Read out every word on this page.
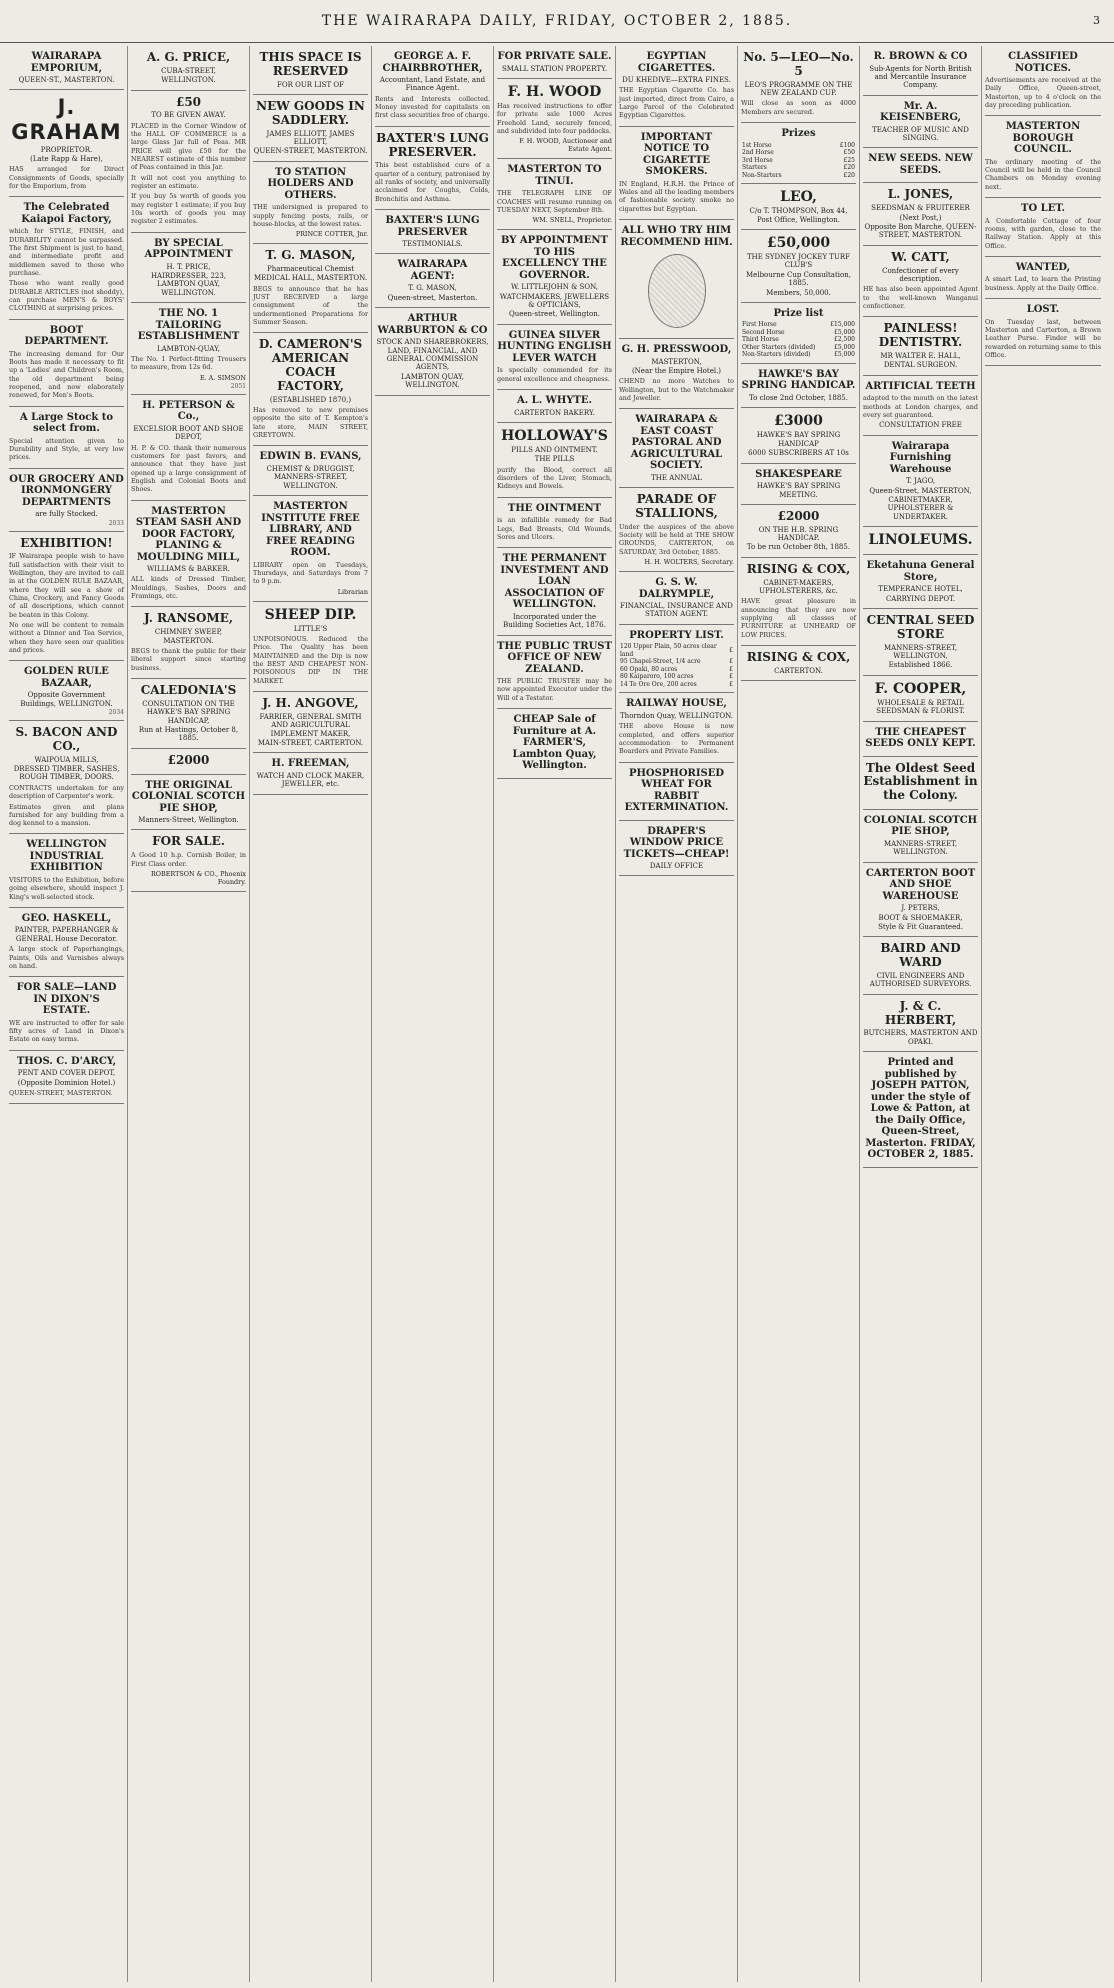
THE WAIRARAPA DAILY, FRIDAY, OCTOBER 2, 1885.	3
WAIRARAPA EMPORIUM,
QUEEN-ST., MASTERTON.
J. GRAHAM
PROPRIETOR.
(Late Rapp & Hare),

HAS arranged for Direct Consignments of Goods, specially for the Emporium, from

The Celebrated Kaiapoi Factory,

which for STYLE, FINISH, and DURABILITY cannot be surpassed. The first Shipment is just to hand, and intermediate profit and middlemen saved to those who purchase.

Those who want really good DURABLE ARTICLES (not shoddy), can purchase MEN'S & BOYS' CLOTHING at surprising prices.

BOOT DEPARTMENT.

The increasing demand for Our Boots has made it necessary to fit up a 'Ladies' and Children's Room, the old department being reopened, and now elaborately renewed, for Men's Boots.

A Large Stock to select from.

Special attention given to Durability and Style, at very low prices.

OUR GROCERY AND IRONMONGERY DEPARTMENTS
are fully Stocked.
2033
EXHIBITION!

IF Wairarapa people wish to have full satisfaction with their visit to Wellington, they are invited to call in at the GOLDEN RULE BAZAAR, where they will see a show of China, Crockery, and Fancy Goods of all descriptions, which cannot be beaten in this Colony.

No one will be content to remain without a Dinner and Tea Service, when they have seen our qualities and prices.

GOLDEN RULE BAZAAR,
Opposite Government Buildings, WELLINGTON.
2034
S. BACON AND CO.,
WAIPOUA MILLS,
DRESSED TIMBER, SASHES, ROUGH TIMBER, DOORS.

CONTRACTS undertaken for any description of Carpenter's work.

Estimates given and plans furnished for any building from a dog kennel to a mansion.

WELLINGTON INDUSTRIAL EXHIBITION

VISITORS to the Exhibition, before going elsewhere, should inspect J. King's well-selected stock.

GEO. HASKELL,
PAINTER, PAPERHANGER & GENERAL House Decorator.

A large stock of Paperhangings, Paints, Oils and Varnishes always on hand.

FOR SALE—LAND IN DIXON'S ESTATE.

WE are instructed to offer for sale fifty acres of Land in Dixon's Estate on easy terms.

THOS. C. D'ARCY,
PENT AND COVER DEPOT,
(Opposite Dominion Hotel.)

QUEEN-STREET, MASTERTON.

A. G. PRICE,
CUBA-STREET,
WELLINGTON.
£50
TO BE GIVEN AWAY.

PLACED in the Corner Window of the HALL OF COMMERCE is a large Glass Jar full of Peas. MR PRICE will give £50 for the NEAREST estimate of this number of Peas contained in this Jar.

It will not cost you anything to register an estimate.

If you buy 5s worth of goods you may register 1 estimate; if you buy 10s worth of goods you may register 2 estimates.

BY SPECIAL APPOINTMENT
H. T. PRICE,
HAIRDRESSER, 223, LAMBTON QUAY, WELLINGTON.
THE NO. 1 TAILORING ESTABLISHMENT
LAMBTON-QUAY,

The No. 1 Perfect-fitting Trousers to measure, from 12s 6d.

E. A. SIMSON
2051
H. PETERSON & Co.,
EXCELSIOR BOOT AND SHOE DEPOT,

H. P. & CO. thank their numerous customers for past favors, and announce that they have just opened up a large consignment of English and Colonial Boots and Shoes.

MASTERTON STEAM SASH AND DOOR FACTORY, PLANING & MOULDING MILL,
WILLIAMS & BARKER.

ALL kinds of Dressed Timber, Mouldings, Sashes, Doors and Framings, etc.

J. RANSOME,
CHIMNEY SWEEP, MASTERTON.

BEGS to thank the public for their liberal support since starting business.

CALEDONIA'S
CONSULTATION ON THE HAWKE'S BAY SPRING HANDICAP,
Run at Hastings, October 8, 1885.
£2000
THE ORIGINAL COLONIAL SCOTCH PIE SHOP,
Manners-Street, Wellington.
FOR SALE.

A Good 10 h.p. Cornish Boiler, in First Class order.

ROBERTSON & CO., Phoenix Foundry.
THIS SPACE IS RESERVED
FOR OUR LIST OF
NEW GOODS IN SADDLERY.
JAMES ELLIOTT, JAMES ELLIOTT,
QUEEN-STREET, MASTERTON.
TO STATION HOLDERS AND OTHERS.

THE undersigned is prepared to supply fencing posts, rails, or house-blocks, at the lowest rates.

PRINCE COTTER, Jnr.
T. G. MASON,
Pharmaceutical Chemist
MEDICAL HALL, MASTERTON.

BEGS to announce that he has JUST RECEIVED a large consignment of the undermentioned Preparations for Summer Season.

D. CAMERON'S AMERICAN COACH FACTORY,
(ESTABLISHED 1870,)

Has removed to new premises opposite the site of T. Kempton's late store, MAIN STREET, GREYTOWN.

EDWIN B. EVANS,
CHEMIST & DRUGGIST, MANNERS-STREET, WELLINGTON.
MASTERTON INSTITUTE FREE LIBRARY, AND FREE READING ROOM.

LIBRARY open on Tuesdays, Thursdays, and Saturdays from 7 to 9 p.m.

Librarian
SHEEP DIP.
LITTLE'S

UNPOISONOUS. Reduced the Price. The Quality has been MAINTAINED and the Dip is now the BEST AND CHEAPEST NON-POISONOUS DIP IN THE MARKET.

J. H. ANGOVE,
FARRIER, GENERAL SMITH AND AGRICULTURAL IMPLEMENT MAKER,
MAIN-STREET, CARTERTON.
H. FREEMAN,
WATCH AND CLOCK MAKER, JEWELLER, etc.
GEORGE A. F. CHAIRBROTHER,
Accountant, Land Estate, and Finance Agent.

Rents and Interests collected. Money invested for capitalists on first class securities free of charge.

BAXTER'S LUNG PRESERVER.

This best established cure of a quarter of a century, patronised by all ranks of society, and universally acclaimed for Coughs, Colds, Bronchitis and Asthma.

BAXTER'S LUNG PRESERVER
TESTIMONIALS.
WAIRARAPA AGENT:
T. G. MASON,
Queen-street, Masterton.
ARTHUR WARBURTON & CO
STOCK AND SHAREBROKERS, LAND, FINANCIAL, AND GENERAL COMMISSION AGENTS,
LAMBTON QUAY, WELLINGTON.
FOR PRIVATE SALE.
SMALL STATION PROPERTY.
F. H. WOOD

Has received instructions to offer for private sale 1000 Acres Freehold Land, securely fenced, and subdivided into four paddocks.

F. H. WOOD, Auctioneer and Estate Agent.
MASTERTON TO TINUI.

THE TELEGRAPH LINE OF COACHES will resume running on TUESDAY NEXT, September 8th.

WM. SNELL, Proprietor.
BY APPOINTMENT TO HIS EXCELLENCY THE GOVERNOR.
W. LITTLEJOHN & SON,
WATCHMAKERS, JEWELLERS & OPTICIANS,
Queen-street, Wellington.
GUINEA SILVER HUNTING ENGLISH LEVER WATCH

Is specially commended for its general excellence and cheapness.

A. L. WHYTE.
CARTERTON BAKERY.
HOLLOWAY'S
PILLS AND OINTMENT.
THE PILLS

purify the Blood, correct all disorders of the Liver, Stomach, Kidneys and Bowels.

THE OINTMENT

is an infallible remedy for Bad Legs, Bad Breasts, Old Wounds, Sores and Ulcers.

THE PERMANENT INVESTMENT AND LOAN ASSOCIATION OF WELLINGTON.
Incorporated under the Building Societies Act, 1876.
THE PUBLIC TRUST OFFICE OF NEW ZEALAND.

THE PUBLIC TRUSTEE may be now appointed Executor under the Will of a Testator.

CHEAP Sale of Furniture at A. FARMER'S, Lambton Quay, Wellington.
EGYPTIAN CIGARETTES.
DU KHEDIVE—EXTRA FINES.

THE Egyptian Cigarette Co. has just imported, direct from Cairo, a Large Parcel of the Celebrated Egyptian Cigarettes.

IMPORTANT NOTICE TO CIGARETTE SMOKERS.

IN England, H.R.H. the Prince of Wales and all the leading members of fashionable society smoke no cigarettes but Egyptian.

ALL WHO TRY HIM RECOMMEND HIM.
G. H. PRESSWOOD,
MASTERTON,
(Near the Empire Hotel.)

CHEND no more Watches to Wellington, but to the Watchmaker and Jeweller.

WAIRARAPA & EAST COAST PASTORAL AND AGRICULTURAL SOCIETY.
THE ANNUAL
PARADE OF STALLIONS,

Under the auspices of the above Society will be held at THE SHOW GROUNDS, CARTERTON, on SATURDAY, 3rd October, 1885.

H. H. WOLTERS, Secretary.
G. S. W. DALRYMPLE,
FINANCIAL, INSURANCE AND STATION AGENT.
PROPERTY LIST.
120 Upper Plain, 50 acres clear land	£
95 Chapel-Street, 1/4 acre	£
60 Opaki, 80 acres	£
80 Kaiparoro, 100 acres	£
14 Te Ore Ore, 200 acres	£
RAILWAY HOUSE,
Thorndon Quay, WELLINGTON.

THE above House is now completed, and offers superior accommodation to Permanent Boarders and Private Families.

PHOSPHORISED WHEAT FOR RABBIT EXTERMINATION.
DRAPER'S WINDOW PRICE TICKETS—CHEAP!
DAILY OFFICE
No. 5—LEO—No. 5
LEO'S PROGRAMME ON THE NEW ZEALAND CUP.

Will close as soon as 4000 Members are secured.

Prizes
1st Horse	£100
2nd Horse	£50
3rd Horse	£25
Starters	£20
Non-Starters	£20
LEO,
C/o T. THOMPSON, Box 44, Post Office, Wellington.
£50,000
THE SYDNEY JOCKEY TURF CLUB'S
Melbourne Cup Consultation, 1885.
Members, 50,000.
Prize list
First Horse	£15,000
Second Horse	£5,000
Third Horse	£2,500
Other Starters (divided)	£5,000
Non-Starters (divided)	£5,000
HAWKE'S BAY SPRING HANDICAP.
To close 2nd October, 1885.
£3000
HAWKE'S BAY SPRING HANDICAP
6000 SUBSCRIBERS AT 10s
SHAKESPEARE
HAWKE'S BAY SPRING MEETING.
£2000
ON THE H.B. SPRING HANDICAP.
To be run October 8th, 1885.
RISING & COX,
CABINET-MAKERS, UPHOLSTERERS, &c.

HAVE great pleasure in announcing that they are now supplying all classes of FURNITURE at UNHEARD OF LOW PRICES.

RISING & COX,
CARTERTON.
R. BROWN & CO
Sub-Agents for North British and Mercantile Insurance Company.
Mr. A. KEISENBERG,
TEACHER OF MUSIC AND SINGING.
NEW SEEDS. NEW SEEDS.
L. JONES,
SEEDSMAN & FRUITERER
(Next Post,)
Opposite Bon Marche, QUEEN-STREET, MASTERTON.
W. CATT,
Confectioner of every description.

HE has also been appointed Agent to the well-known Wanganui confectioner.

PAINLESS! DENTISTRY.
MR WALTER E. HALL,
DENTAL SURGEON.
ARTIFICIAL TEETH

adapted to the mouth on the latest methods at London charges, and every set guaranteed.

CONSULTATION FREE
Wairarapa Furnishing Warehouse
T. JAGO,
Queen-Street, MASTERTON,
CABINETMAKER, UPHOLSTERER & UNDERTAKER.
LINOLEUMS.
Eketahuna General Store,
TEMPERANCE HOTEL,
CARRYING DEPOT.
CENTRAL SEED STORE
MANNERS-STREET, WELLINGTON,
Established 1866.
F. COOPER,
WHOLESALE & RETAIL SEEDSMAN & FLORIST.
THE CHEAPEST SEEDS ONLY KEPT.
The Oldest Seed Establishment in the Colony.
COLONIAL SCOTCH PIE SHOP,
MANNERS-STREET, WELLINGTON.
CARTERTON BOOT AND SHOE WAREHOUSE
J. PETERS,
BOOT & SHOEMAKER,
Style & Fit Guaranteed.
BAIRD AND WARD
CIVIL ENGINEERS AND AUTHORISED SURVEYORS.
J. & C. HERBERT,
BUTCHERS, MASTERTON AND OPAKI.
Printed and published by JOSEPH PATTON, under the style of Lowe & Patton, at the Daily Office, Queen-Street, Masterton. FRIDAY, OCTOBER 2, 1885.
CLASSIFIED NOTICES.

Advertisements are received at the Daily Office, Queen-street, Masterton, up to 4 o'clock on the day preceding publication.

MASTERTON BOROUGH COUNCIL.

The ordinary meeting of the Council will be held in the Council Chambers on Monday evening next.

TO LET.

A Comfortable Cottage of four rooms, with garden, close to the Railway Station. Apply at this Office.

WANTED,

A smart Lad, to learn the Printing business. Apply at the Daily Office.

LOST.

On Tuesday last, between Masterton and Carterton, a Brown Leather Purse. Finder will be rewarded on returning same to this Office.
